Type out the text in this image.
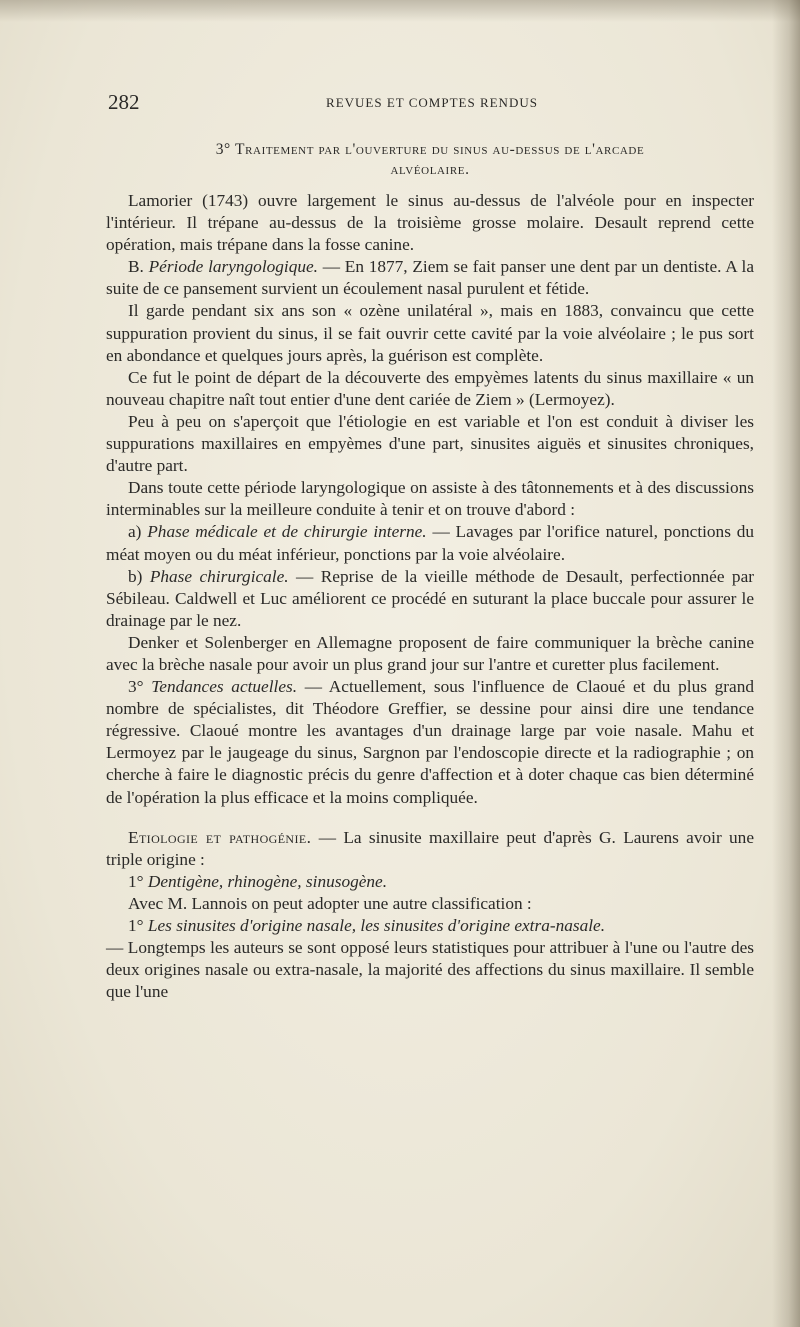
282	REVUES ET COMPTES RENDUS
3° Traitement par l'ouverture du sinus au-dessus de l'arcade
alvéolaire.

Lamorier (1743) ouvre largement le sinus au-dessus de l'alvéole pour en inspecter l'intérieur. Il trépane au-dessus de la troisième grosse molaire. Desault reprend cette opération, mais trépane dans la fosse canine.

B. Période laryngologique. — En 1877, Ziem se fait panser une dent par un dentiste. A la suite de ce pansement survient un écoulement nasal purulent et fétide.

Il garde pendant six ans son « ozène unilatéral », mais en 1883, convaincu que cette suppuration provient du sinus, il se fait ouvrir cette cavité par la voie alvéolaire ; le pus sort en abondance et quelques jours après, la guérison est complète.

Ce fut le point de départ de la découverte des empyèmes latents du sinus maxillaire « un nouveau chapitre naît tout entier d'une dent cariée de Ziem » (Lermoyez).

Peu à peu on s'aperçoit que l'étiologie en est variable et l'on est conduit à diviser les suppurations maxillaires en empyèmes d'une part, sinusites aiguës et sinusites chroniques, d'autre part.

Dans toute cette période laryngologique on assiste à des tâtonnements et à des discussions interminables sur la meilleure conduite à tenir et on trouve d'abord :

a) Phase médicale et de chirurgie interne. — Lavages par l'orifice naturel, ponctions du méat moyen ou du méat inférieur, ponctions par la voie alvéolaire.

b) Phase chirurgicale. — Reprise de la vieille méthode de Desault, perfectionnée par Sébileau. Caldwell et Luc améliorent ce procédé en suturant la place buccale pour assurer le drainage par le nez.

Denker et Solenberger en Allemagne proposent de faire communiquer la brèche canine avec la brèche nasale pour avoir un plus grand jour sur l'antre et curetter plus facilement.

3° Tendances actuelles. — Actuellement, sous l'influence de Claoué et du plus grand nombre de spécialistes, dit Théodore Greffier, se dessine pour ainsi dire une tendance régressive. Claoué montre les avantages d'un drainage large par voie nasale. Mahu et Lermoyez par le jaugeage du sinus, Sargnon par l'endoscopie directe et la radiographie ; on cherche à faire le diagnostic précis du genre d'affection et à doter chaque cas bien déterminé de l'opération la plus efficace et la moins compliquée.

Etiologie et pathogénie. — La sinusite maxillaire peut d'après G. Laurens avoir une triple origine :

1° Dentigène, rhinogène, sinusogène.

Avec M. Lannois on peut adopter une autre classification :

1° Les sinusites d'origine nasale, les sinusites d'origine extra-nasale.

— Longtemps les auteurs se sont opposé leurs statistiques pour attribuer à l'une ou l'autre des deux origines nasale ou extra-nasale, la majorité des affections du sinus maxillaire. Il semble que l'une
